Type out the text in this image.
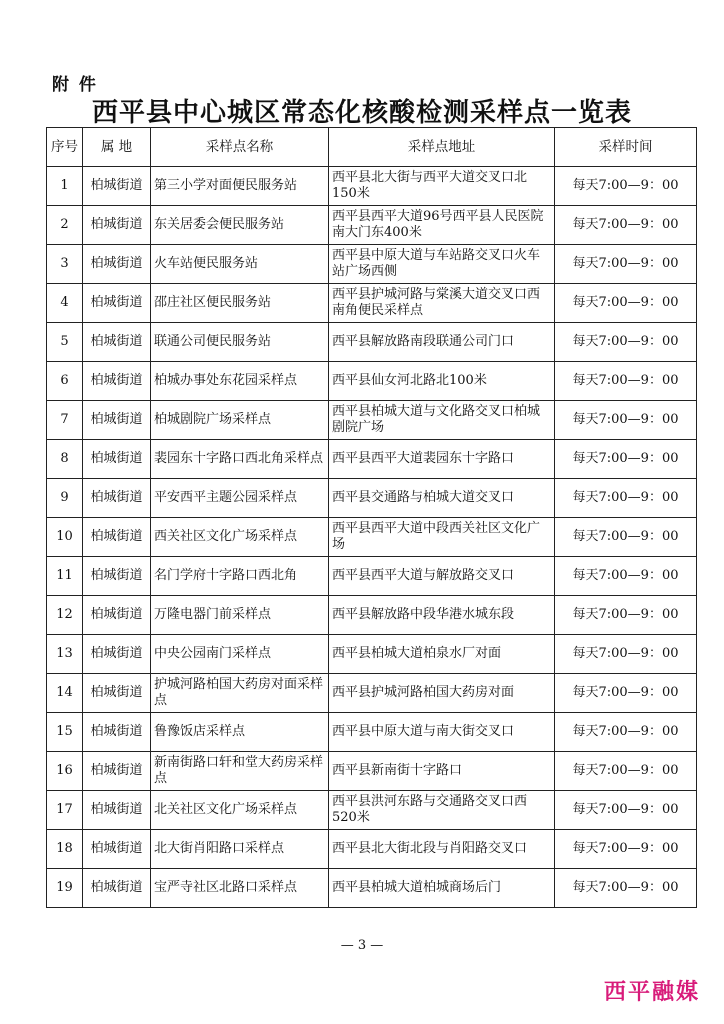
附 件
西平县中心城区常态化核酸检测采样点一览表
序号	属 地	采样点名称	采样点地址	采样时间
1	柏城街道	第三小学对面便民服务站	西平县北大街与西平大道交叉口北150米	每天7:00—9：00
2	柏城街道	东关居委会便民服务站	西平县西平大道96号西平县人民医院南大门东400米	每天7:00—9：00
3	柏城街道	火车站便民服务站	西平县中原大道与车站路交叉口火车站广场西侧	每天7:00—9：00
4	柏城街道	邵庄社区便民服务站	西平县护城河路与棠溪大道交叉口西南角便民采样点	每天7:00—9：00
5	柏城街道	联通公司便民服务站	西平县解放路南段联通公司门口	每天7:00—9：00
6	柏城街道	柏城办事处东花园采样点	西平县仙女河北路北100米	每天7:00—9：00
7	柏城街道	柏城剧院广场采样点	西平县柏城大道与文化路交叉口柏城剧院广场	每天7:00—9：00
8	柏城街道	裴园东十字路口西北角采样点	西平县西平大道裴园东十字路口	每天7:00—9：00
9	柏城街道	平安西平主题公园采样点	西平县交通路与柏城大道交叉口	每天7:00—9：00
10	柏城街道	西关社区文化广场采样点	西平县西平大道中段西关社区文化广场	每天7:00—9：00
11	柏城街道	名门学府十字路口西北角	西平县西平大道与解放路交叉口	每天7:00—9：00
12	柏城街道	万隆电器门前采样点	西平县解放路中段华港水城东段	每天7:00—9：00
13	柏城街道	中央公园南门采样点	西平县柏城大道柏泉水厂对面	每天7:00—9：00
14	柏城街道	护城河路柏国大药房对面采样点	西平县护城河路柏国大药房对面	每天7:00—9：00
15	柏城街道	鲁豫饭店采样点	西平县中原大道与南大街交叉口	每天7:00—9：00
16	柏城街道	新南街路口轩和堂大药房采样点	西平县新南街十字路口	每天7:00—9：00
17	柏城街道	北关社区文化广场采样点	西平县洪河东路与交通路交叉口西520米	每天7:00—9：00
18	柏城街道	北大街肖阳路口采样点	西平县北大街北段与肖阳路交叉口	每天7:00—9：00
19	柏城街道	宝严寺社区北路口采样点	西平县柏城大道柏城商场后门	每天7:00—9：00
— 3 —
西平融媒
